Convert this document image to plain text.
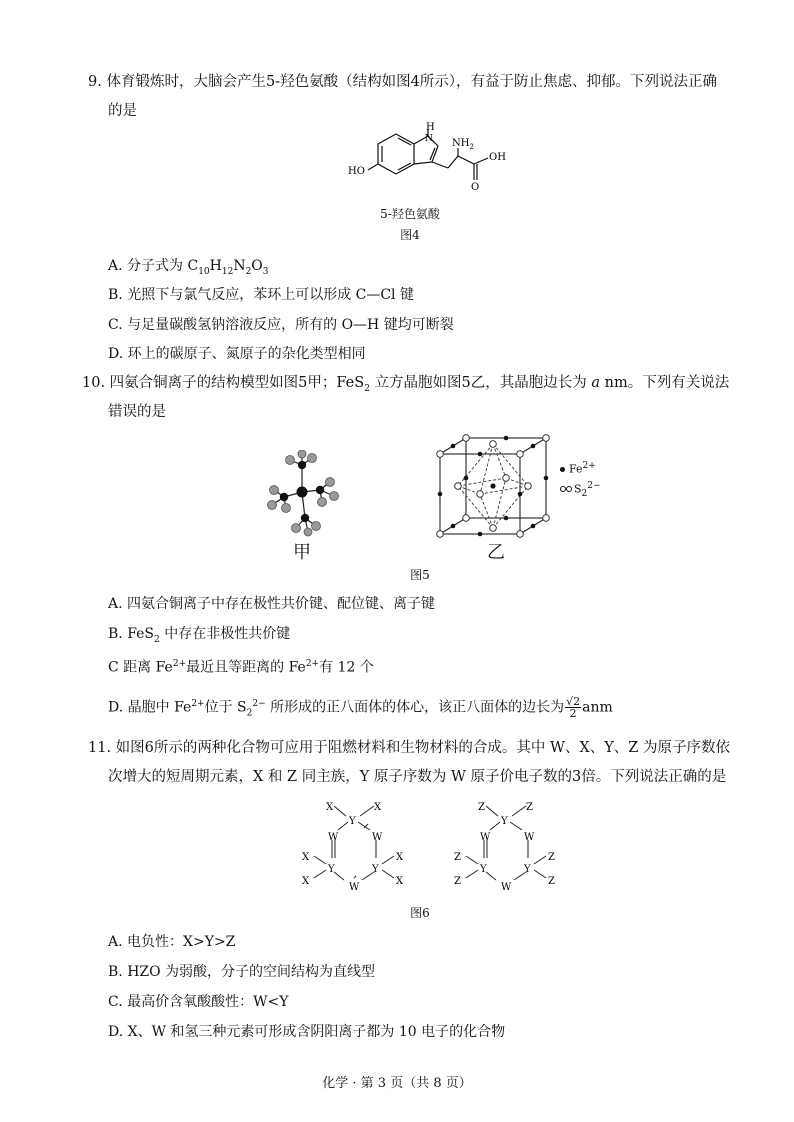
9. 体育锻炼时，大脑会产生5-羟色氨酸（结构如图4所示），有益于防止焦虑、抑郁。下列说法正确
的是
H
N $NH_2$
OH
O
HO
5-羟色氨酸
图4
A. 分子式为 $C_{10}H_{12}N_2O_3$
B. 光照下与氯气反应，苯环上可以形成 C—Cl 键
C. 与足量碳酸氢钠溶液反应，所有的 O—H 键均可断裂
D. 环上的碳原子、氮原子的杂化类型相同
10. 四氨合铜离子的结构模型如图5甲；FeS$_2$ 立方晶胞如图5乙，其晶胞边长为 a nm。下列有关说法
错误的是
甲
$Fe^{2+}$
$S_2^{2-}$
乙
图5
A. 四氨合铜离子中存在极性共价键、配位键、离子键
B. FeS$_2$ 中存在非极性共价键
C 距离 $Fe^{2+}$最近且等距离的 $Fe^{2+}$有 12 个
D. 晶胞中 $Fe^{2+}$位于 $S_2^{2-}$ 所形成的正八面体的体心，该正八面体的边长为 $\frac{√2}{2}$ anm
11. 如图6所示的两种化合物可应用于阻燃材料和生物材料的合成。其中 W、X、Y、Z 为原子序数依
次增大的短周期元素，X 和 Z 同主族，Y 原子序数为 W 原子价电子数的3倍。下列说法正确的是
X	X
Y
W	W
Y	Y
W
X
X
X
X
Z	Z
Y
W	W
Y	Y
W
Z
Z
Z
Z
图6
A. 电负性：X>Y>Z
B. HZO 为弱酸，分子的空间结构为直线型
C. 最高价含氧酸酸性：W<Y
D. X、W 和氢三种元素可形成含阴阳离子都为 10 电子的化合物
化学 · 第 3 页（共 8 页）
